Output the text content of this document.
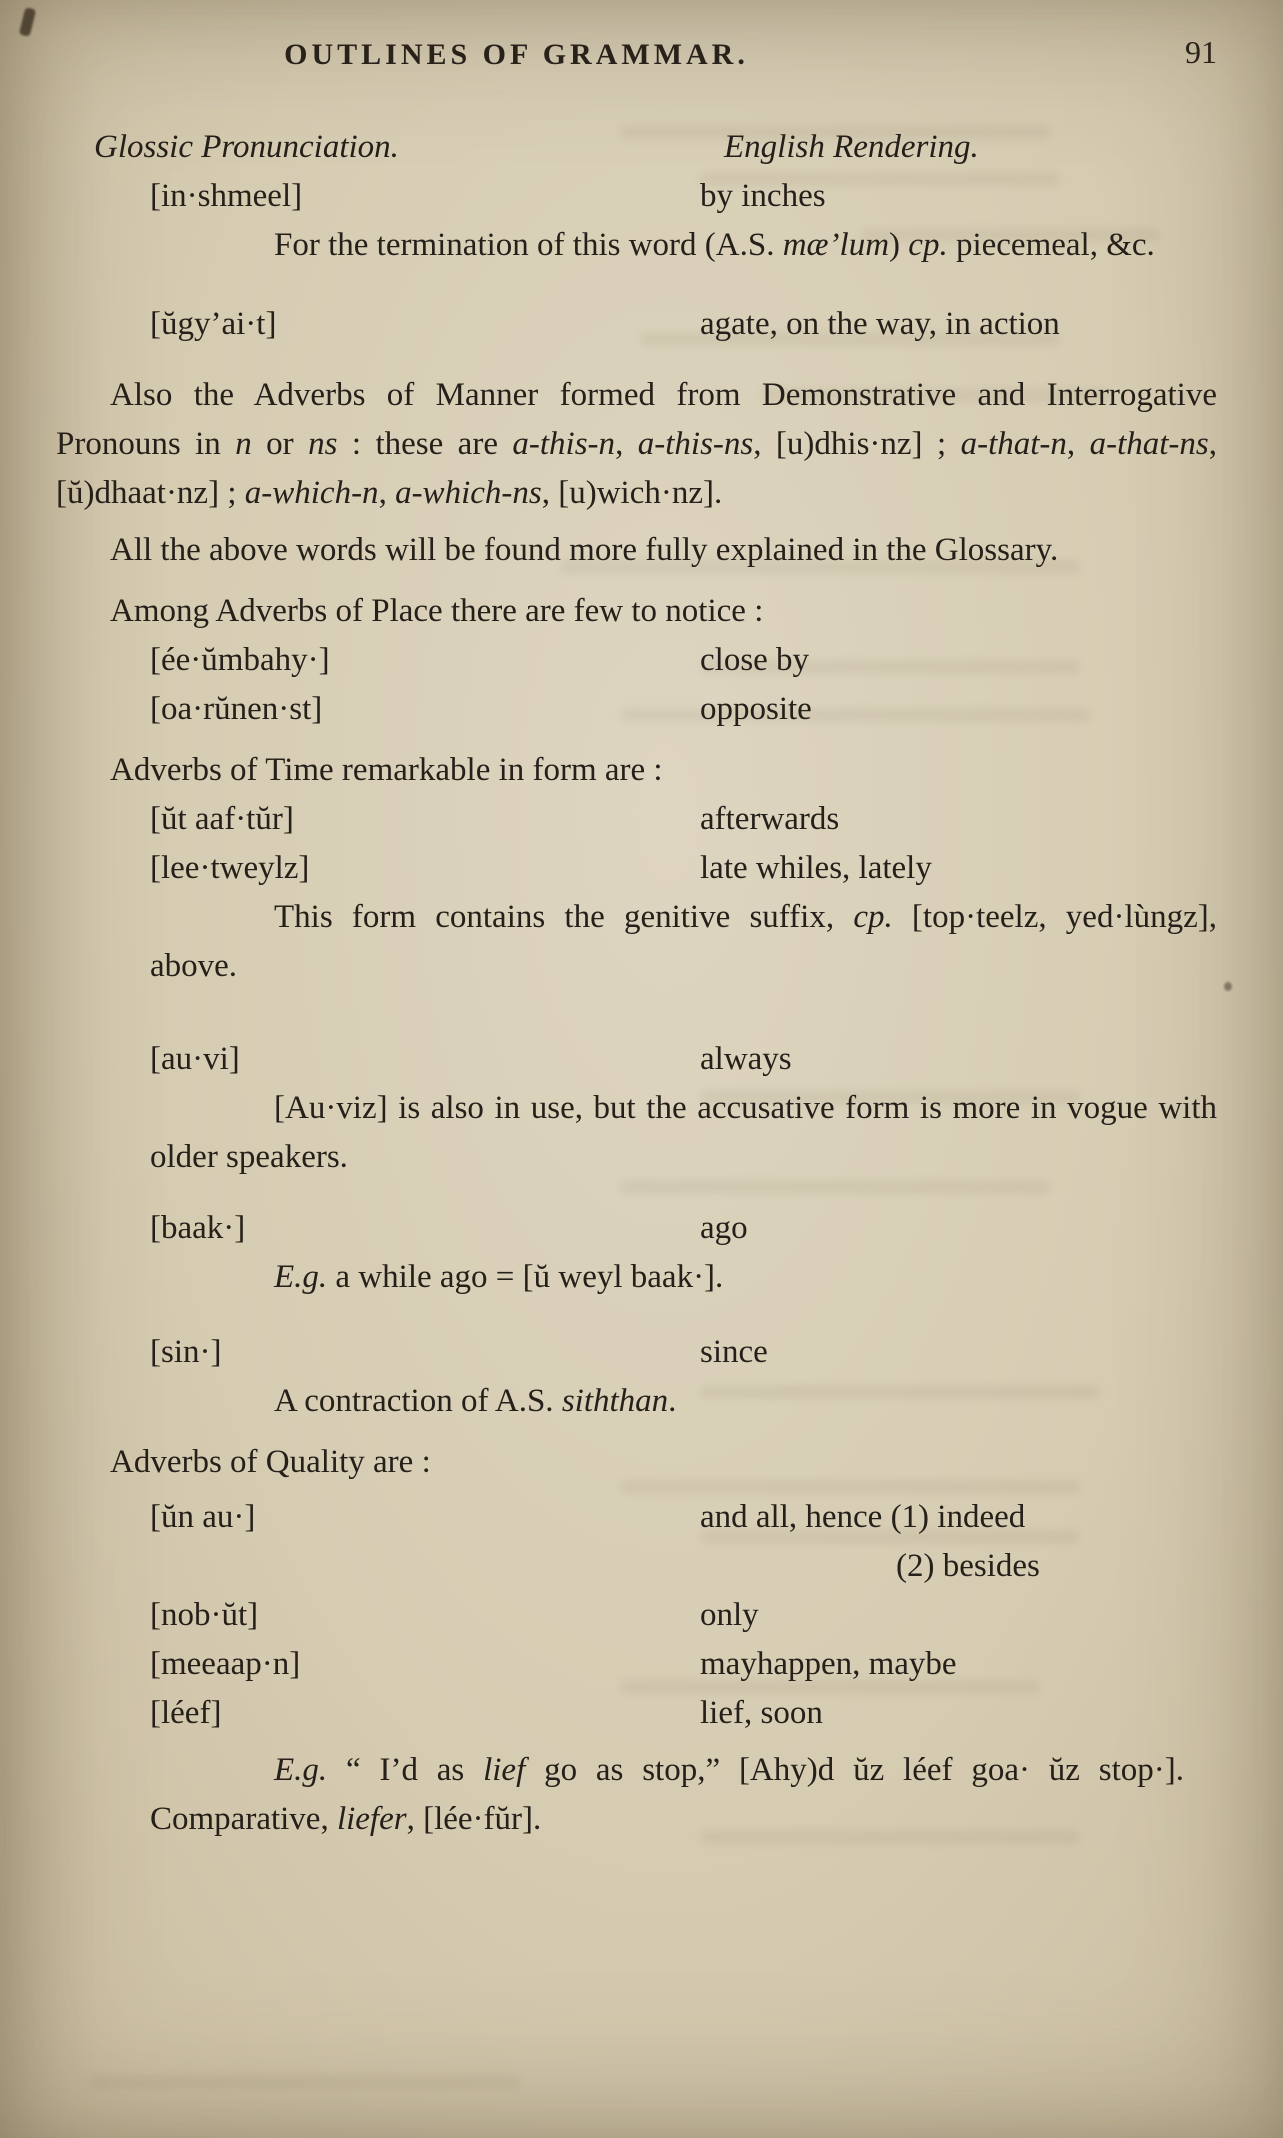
OUTLINES OF GRAMMAR.	91
Glossic Pronunciation.	English Rendering.
[in·shmeel]	by inches

For the termination of this word (A.S. mæ’lum) cp. piecemeal, &c.

[ŭgy’ai·t]	agate, on the way, in action

Also the Adverbs of Manner formed from Demonstrative and Interrogative Pronouns in n or ns : these are a-this-n, a-this-ns, [u)dhis·nz] ; a-that-n, a-that-ns, [ŭ)dhaat·nz] ; a-which-n, a-which-ns, [u)wich·nz].

All the above words will be found more fully explained in the Glossary.

Among Adverbs of Place there are few to notice :

[ée·ŭmbahy·]	close by
[oa·rŭnen·st]	opposite

Adverbs of Time remarkable in form are :

[ŭt aaf·tŭr]	afterwards
[lee·tweylz]	late whiles, lately

This form contains the genitive suffix, cp. [top·teelz, yed·lùngz], above.

[au·vi]	always

[Au·viz] is also in use, but the accusative form is more in vogue with older speakers.

[baak·]	ago

E.g. a while ago = [ŭ weyl baak·].

[sin·]	since

A contraction of A.S. siththan.

Adverbs of Quality are :

[ŭn au·]	and all, hence (1) indeed
(2) besides
[nob·ŭt]	only
[meeaap·n]	mayhappen, maybe
[léef]	lief, soon

E.g. “ I’d as lief go as stop,” [Ahy)d ŭz léef goa· ŭz stop·]. Comparative, liefer, [lée·fŭr].
